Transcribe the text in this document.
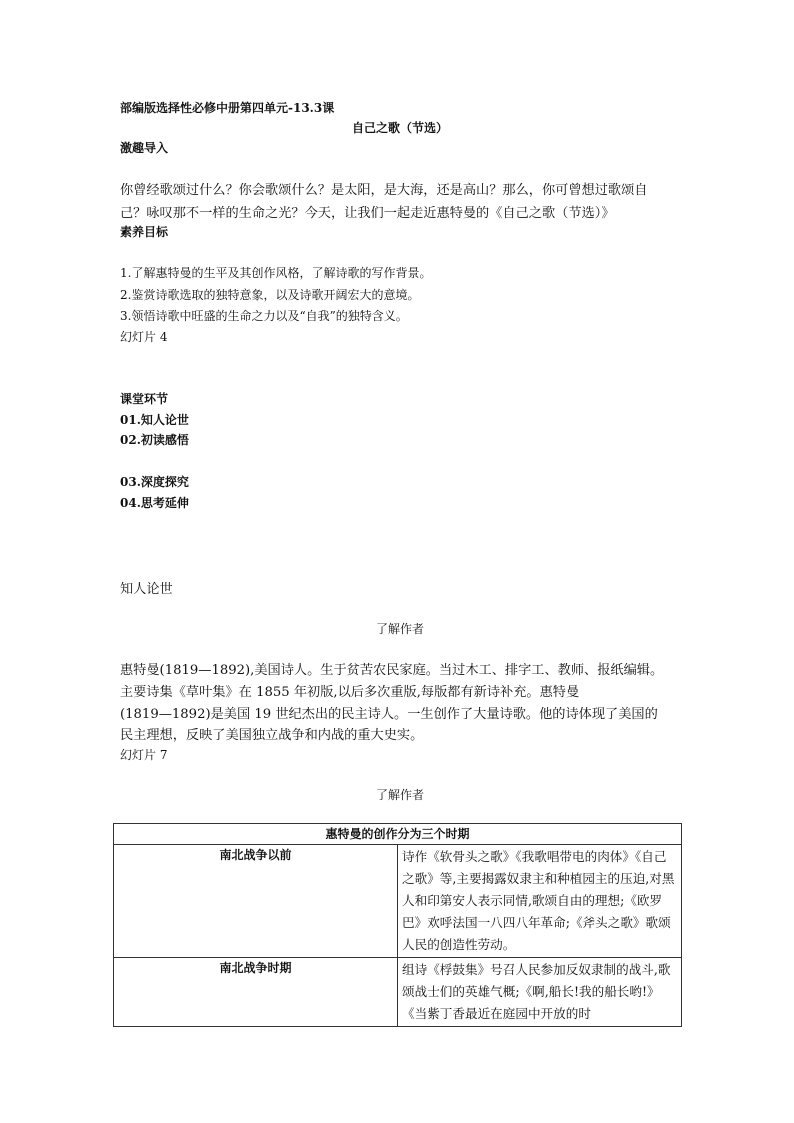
部编版选择性必修中册第四单元-13.3课
自己之歌（节选）
激趣导入
你曾经歌颂过什么？你会歌颂什么？是太阳，是大海，还是高山？那么，你可曾想过歌颂自
己？咏叹那不一样的生命之光？今天，让我们一起走近惠特曼的《自己之歌（节选）》
素养目标
1.了解惠特曼的生平及其创作风格，了解诗歌的写作背景。
2.鉴赏诗歌选取的独特意象，以及诗歌开阔宏大的意境。
3.领悟诗歌中旺盛的生命之力以及“自我”的独特含义。
幻灯片 4
课堂环节
01.知人论世
02.初读感悟
03.深度探究
04.思考延伸
知人论世
了解作者
惠特曼(1819—1892),美国诗人。生于贫苦农民家庭。当过木工、排字工、教师、报纸编辑。
主要诗集《草叶集》在 1855 年初版,以后多次重版,每版都有新诗补充。惠特曼
(1819—1892)是美国 19 世纪杰出的民主诗人。一生创作了大量诗歌。他的诗体现了美国的
民主理想，反映了美国独立战争和内战的重大史实。
幻灯片 7
了解作者
惠特曼的创作分为三个时期	
南北战争以前	诗作《软骨头之歌》《我歌唱带电的肉体》《自己之歌》等,主要揭露奴隶主和种植园主的压迫,对黑人和印第安人表示同情,歌颂自由的理想;《欧罗巴》欢呼法国一八四八年革命;《斧头之歌》歌颂人民的创造性劳动。
南北战争时期	组诗《桴鼓集》号召人民参加反奴隶制的战斗,歌颂战士们的英雄气概;《啊,船长!我的船长哟!》《当紫丁香最近在庭园中开放的时
